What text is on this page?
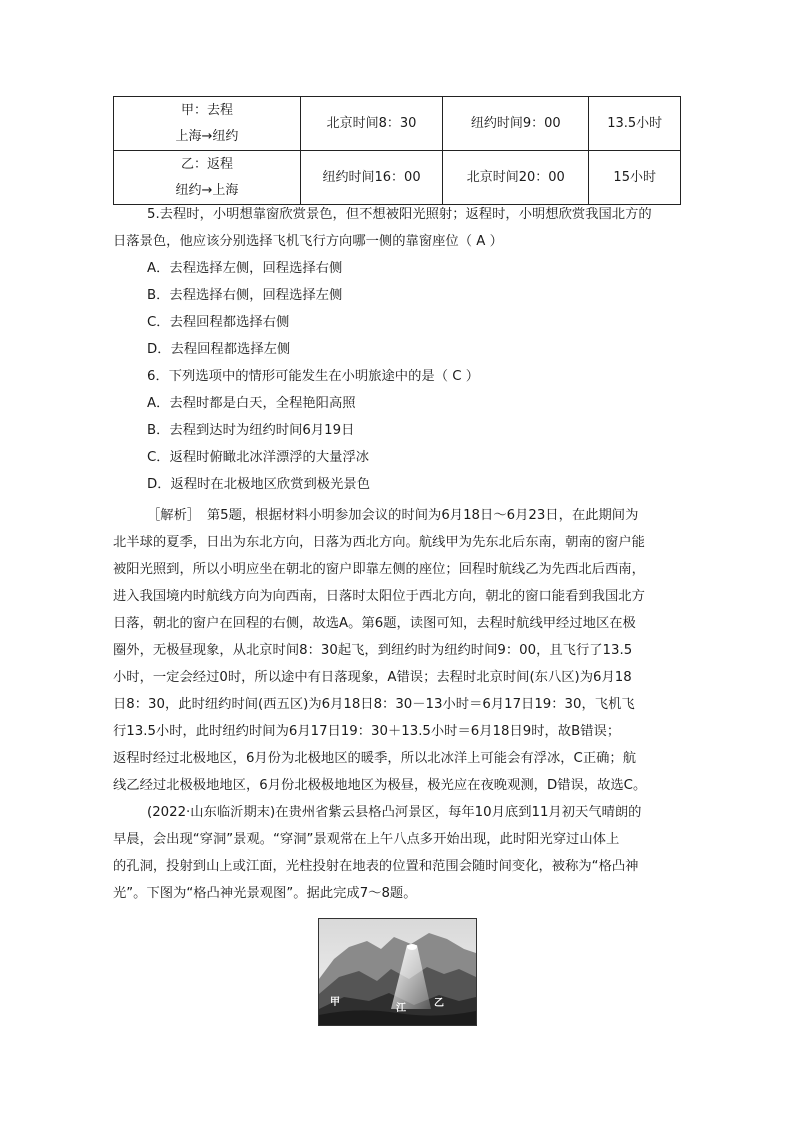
甲：去程
上海→纽约	北京时间8：30	纽约时间9：00	13.5小时

乙：返程
纽约→上海	纽约时间16：00	北京时间20：00	15小时
5.去程时，小明想靠窗欣赏景色，但不想被阳光照射；返程时，小明想欣赏我国北方的
日落景色，他应该分别选择飞机飞行方向哪一侧的靠窗座位（ A ）
A．去程选择左侧，回程选择右侧
B．去程选择右侧，回程选择左侧
C．去程回程都选择右侧
D．去程回程都选择左侧
6．下列选项中的情形可能发生在小明旅途中的是（ C ）
A．去程时都是白天，全程艳阳高照
B．去程到达时为纽约时间6月19日
C．返程时俯瞰北冰洋漂浮的大量浮冰
D．返程时在北极地区欣赏到极光景色
［解析］　第5题，根据材料小明参加会议的时间为6月18日～6月23日，在此期间为
北半球的夏季，日出为东北方向，日落为西北方向。航线甲为先东北后东南，朝南的窗户能
被阳光照到，所以小明应坐在朝北的窗户即靠左侧的座位；回程时航线乙为先西北后西南，
进入我国境内时航线方向为向西南，日落时太阳位于西北方向，朝北的窗口能看到我国北方
日落，朝北的窗户在回程的右侧，故选A。第6题，读图可知，去程时航线甲经过地区在极
圈外，无极昼现象，从北京时间8：30起飞，到纽约时为纽约时间9：00，且飞行了13.5
小时，一定会经过0时，所以途中有日落现象，A错误；去程时北京时间(东八区)为6月18
日8：30，此时纽约时间(西五区)为6月18日8：30－13小时＝6月17日19：30，飞机飞
行13.5小时，此时纽约时间为6月17日19：30＋13.5小时＝6月18日9时，故B错误；
返程时经过北极地区，6月份为北极地区的暖季，所以北冰洋上可能会有浮冰，C正确；航
线乙经过北极极地地区，6月份北极极地地区为极昼，极光应在夜晚观测，D错误，故选C。
(2022·山东临沂期末)在贵州省紫云县格凸河景区，每年10月底到11月初天气晴朗的
早晨，会出现“穿洞”景观。“穿洞”景观常在上午八点多开始出现，此时阳光穿过山体上
的孔洞，投射到山上或江面，光柱投射在地表的位置和范围会随时间变化，被称为“格凸神
光”。下图为“格凸神光景观图”。据此完成7～8题。
甲
江	乙
